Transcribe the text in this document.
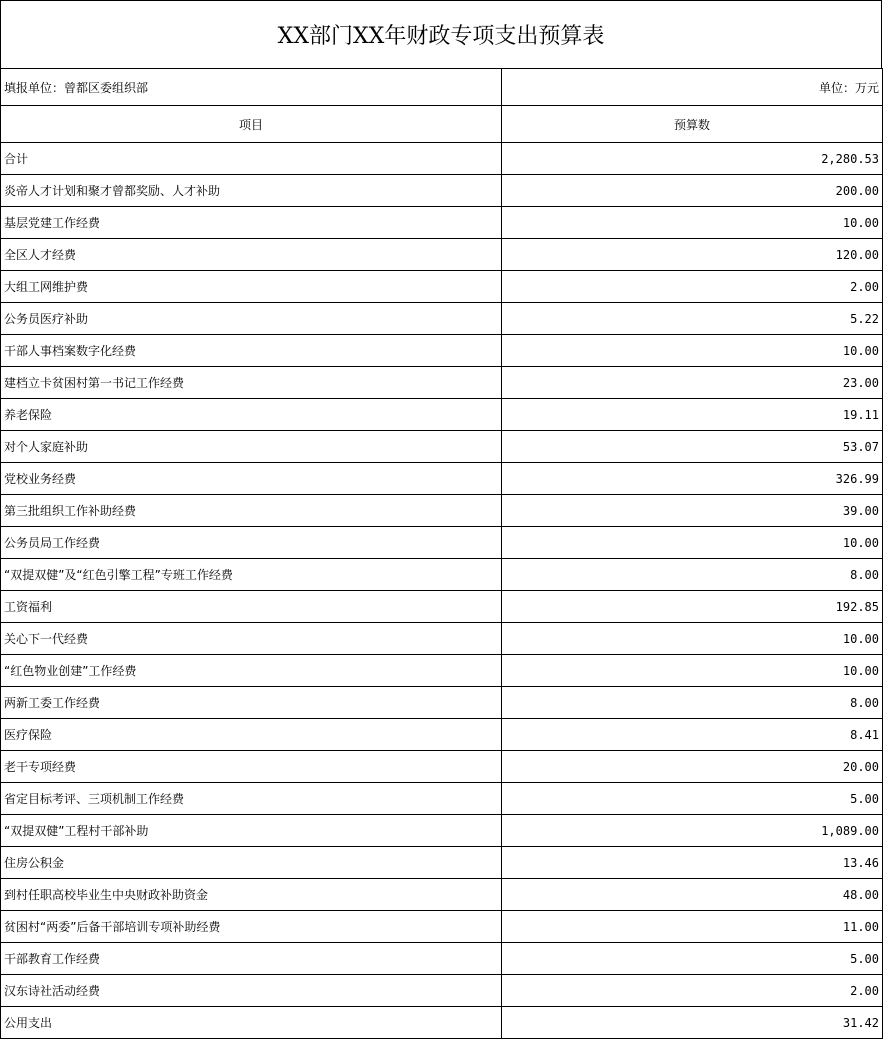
XX部门XX年财政专项支出预算表
填报单位：曾都区委组织部	单位：万元
项目	预算数
合计	2,280.53
炎帝人才计划和聚才曾都奖励、人才补助	200.00
基层党建工作经费	10.00
全区人才经费	120.00
大组工网维护费	2.00
公务员医疗补助	5.22
干部人事档案数字化经费	10.00
建档立卡贫困村第一书记工作经费	23.00
养老保险	19.11
对个人家庭补助	53.07
党校业务经费	326.99
第三批组织工作补助经费	39.00
公务员局工作经费	10.00
“双提双健”及“红色引擎工程”专班工作经费	8.00
工资福利	192.85
关心下一代经费	10.00
“红色物业创建”工作经费	10.00
两新工委工作经费	8.00
医疗保险	8.41
老干专项经费	20.00
省定目标考评、三项机制工作经费	5.00
“双提双健”工程村干部补助	1,089.00
住房公积金	13.46
到村任职高校毕业生中央财政补助资金	48.00
贫困村“两委”后备干部培训专项补助经费	11.00
干部教育工作经费	5.00
汉东诗社活动经费	2.00
公用支出	31.42
